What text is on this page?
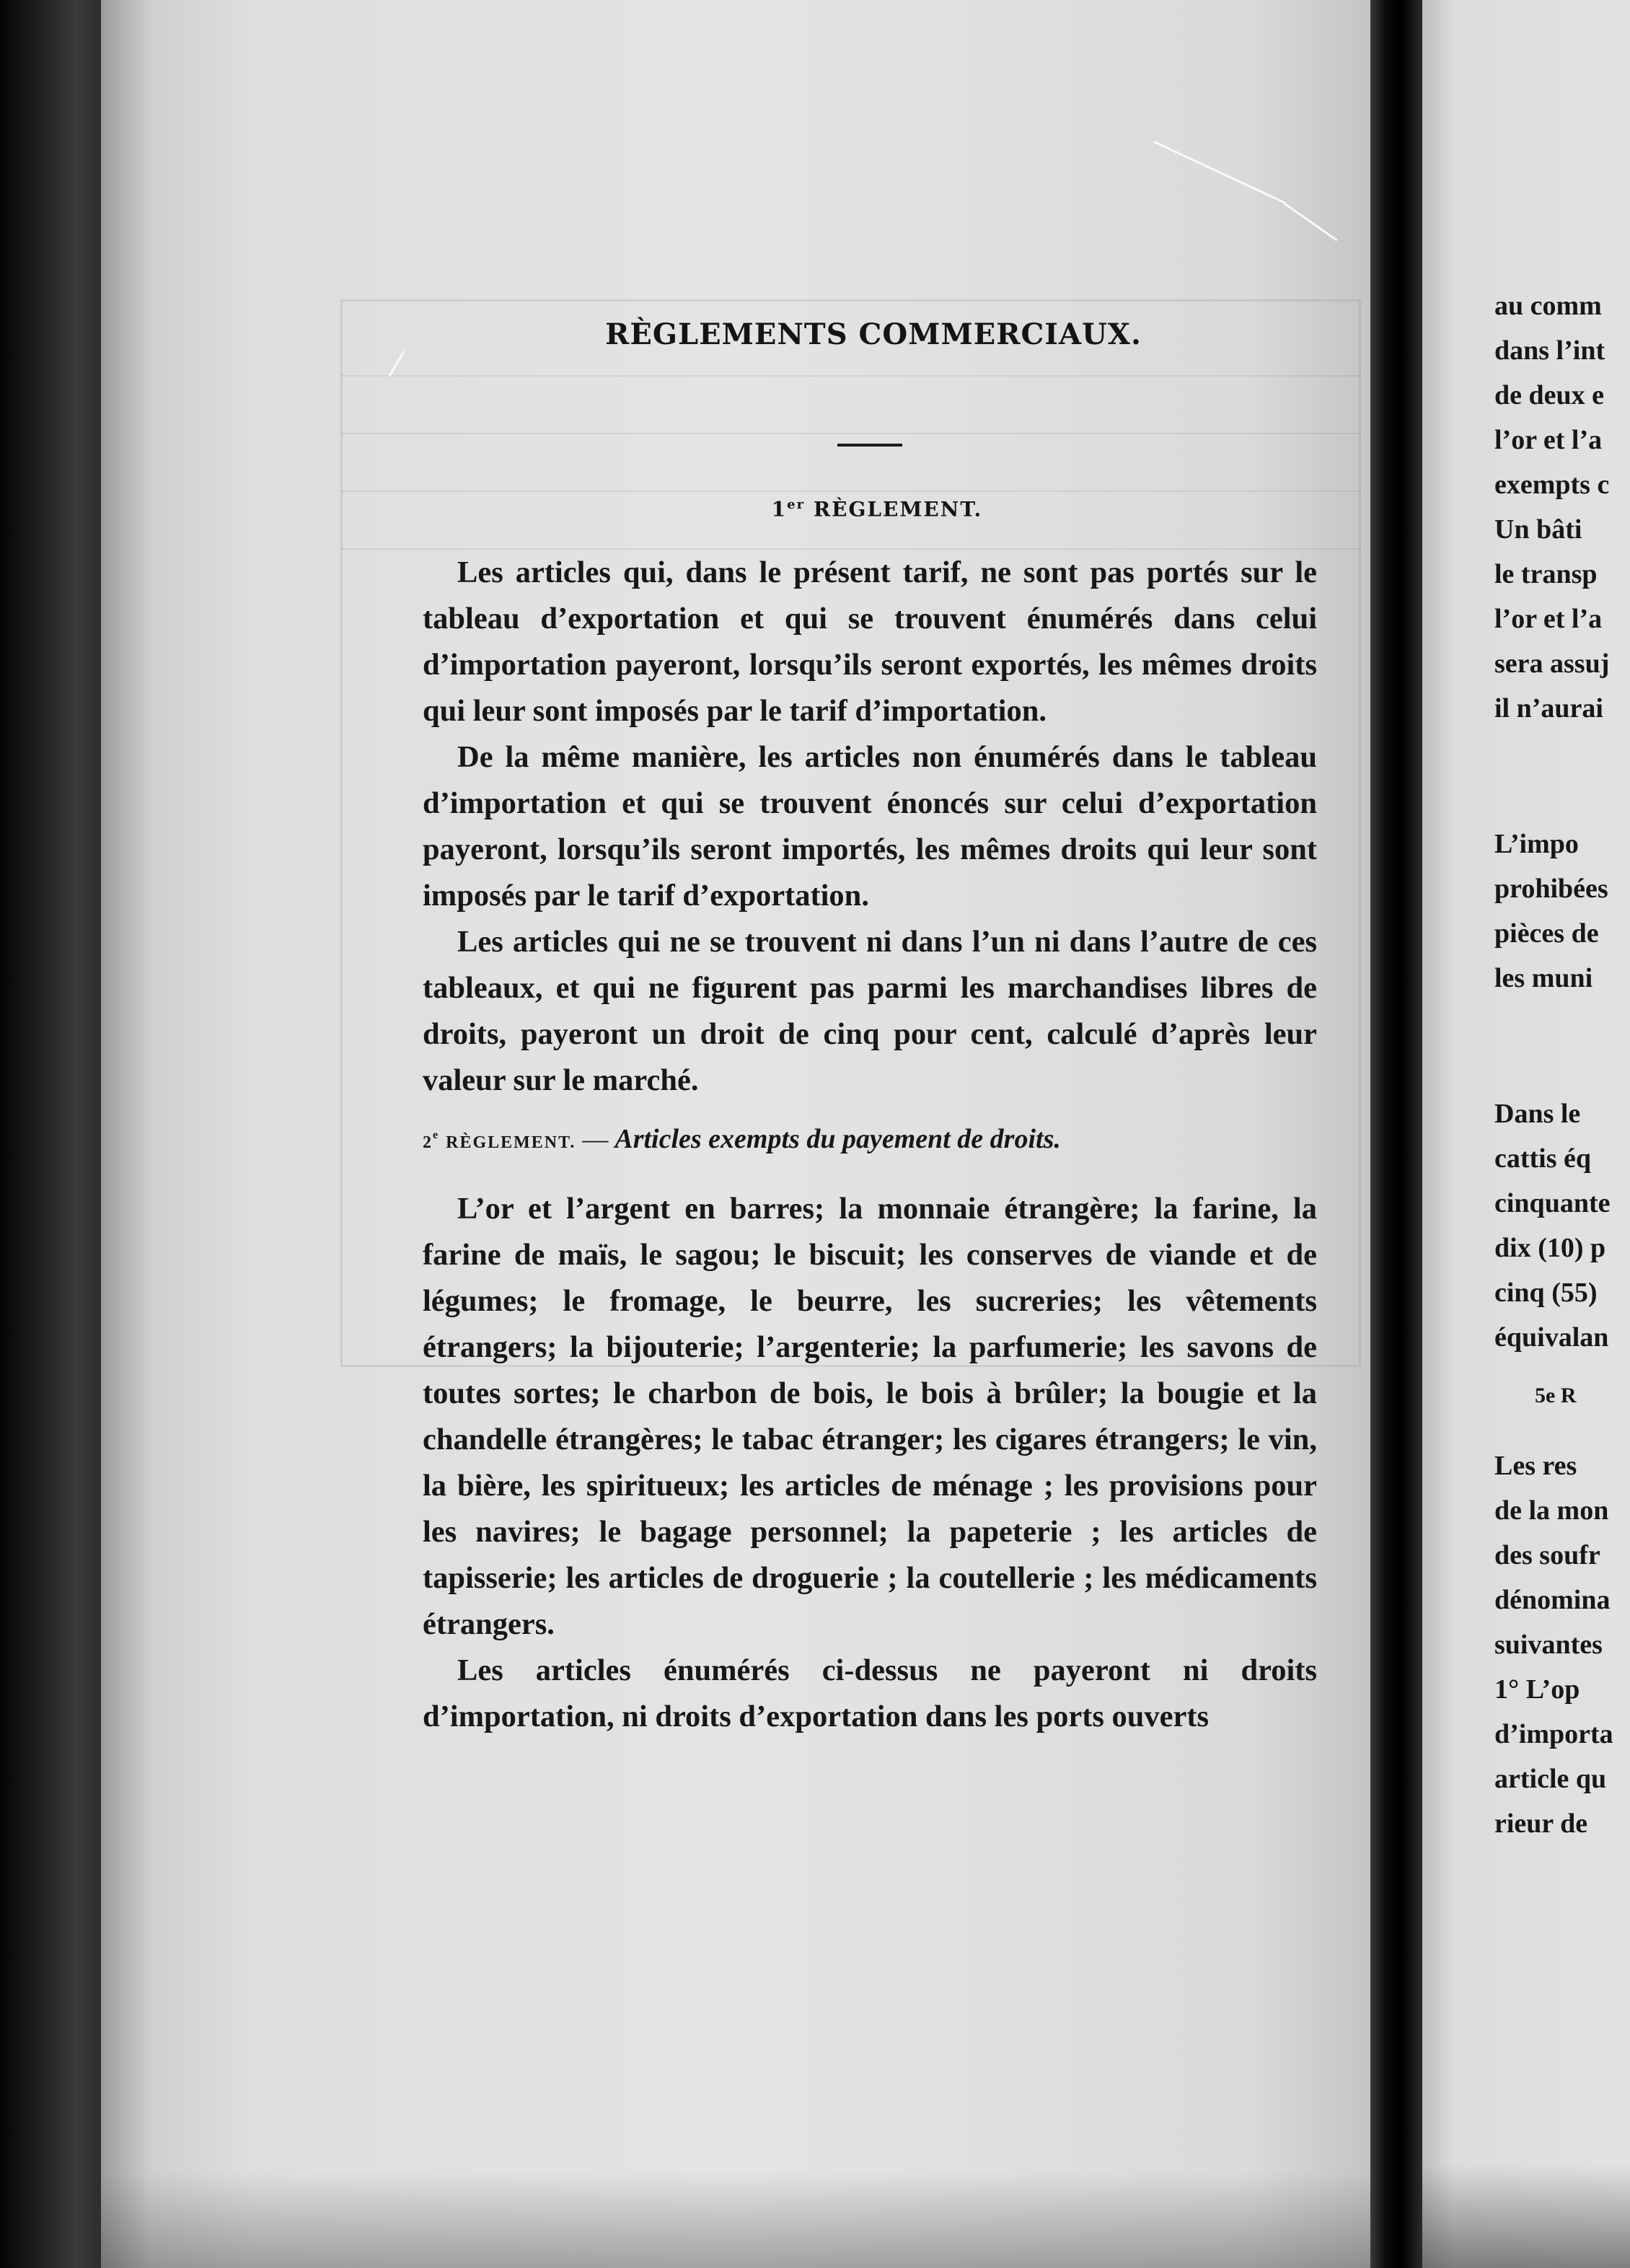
RÈGLEMENTS COMMERCIAUX.
1er RÈGLEMENT.

Les articles qui, dans le présent tarif, ne sont pas portés sur le tableau d’exportation et qui se trouvent énumérés dans celui d’importation payeront, lorsqu’ils seront exportés, les mêmes droits qui leur sont imposés par le tarif d’importation.

De la même manière, les articles non énumérés dans le tableau d’importation et qui se trouvent énoncés sur celui d’exportation payeront, lorsqu’ils seront importés, les mêmes droits qui leur sont imposés par le tarif d’exportation.

Les articles qui ne se trouvent ni dans l’un ni dans l’autre de ces tableaux, et qui ne figurent pas parmi les marchandises libres de droits, payeront un droit de cinq pour cent, calculé d’après leur valeur sur le marché.

2e RÈGLEMENT. — Articles exempts du payement de droits.

L’or et l’argent en barres; la monnaie étrangère; la farine, la farine de maïs, le sagou; le biscuit; les conserves de viande et de légumes; le fromage, le beurre, les sucreries; les vêtements étrangers; la bijouterie; l’argenterie; la parfumerie; les savons de toutes sortes; le charbon de bois, le bois à brûler; la bougie et la chandelle étrangères; le tabac étranger; les cigares étrangers; le vin, la bière, les spiritueux; les articles de ménage ; les provisions pour les navires; le bagage personnel; la papeterie ; les articles de tapisserie; les articles de droguerie ; la coutellerie ; les médicaments étrangers.

Les articles énumérés ci-dessus ne payeront ni droits d’importation, ni droits d’exportation dans les ports ouverts

au comm
dans l’int
de deux e
l’or et l’a
exempts c
Un bâti
le transp
l’or et l’a
sera assuj
il n’aurai
L’impo
prohibées
pièces de
les muni
Dans le
cattis éq
cinquante
dix (10) p
cinq (55)
équivalan
5e R
Les res
de la mon
des soufr
dénomina
suivantes
1° L’op
d’importa
article qu
rieur de
